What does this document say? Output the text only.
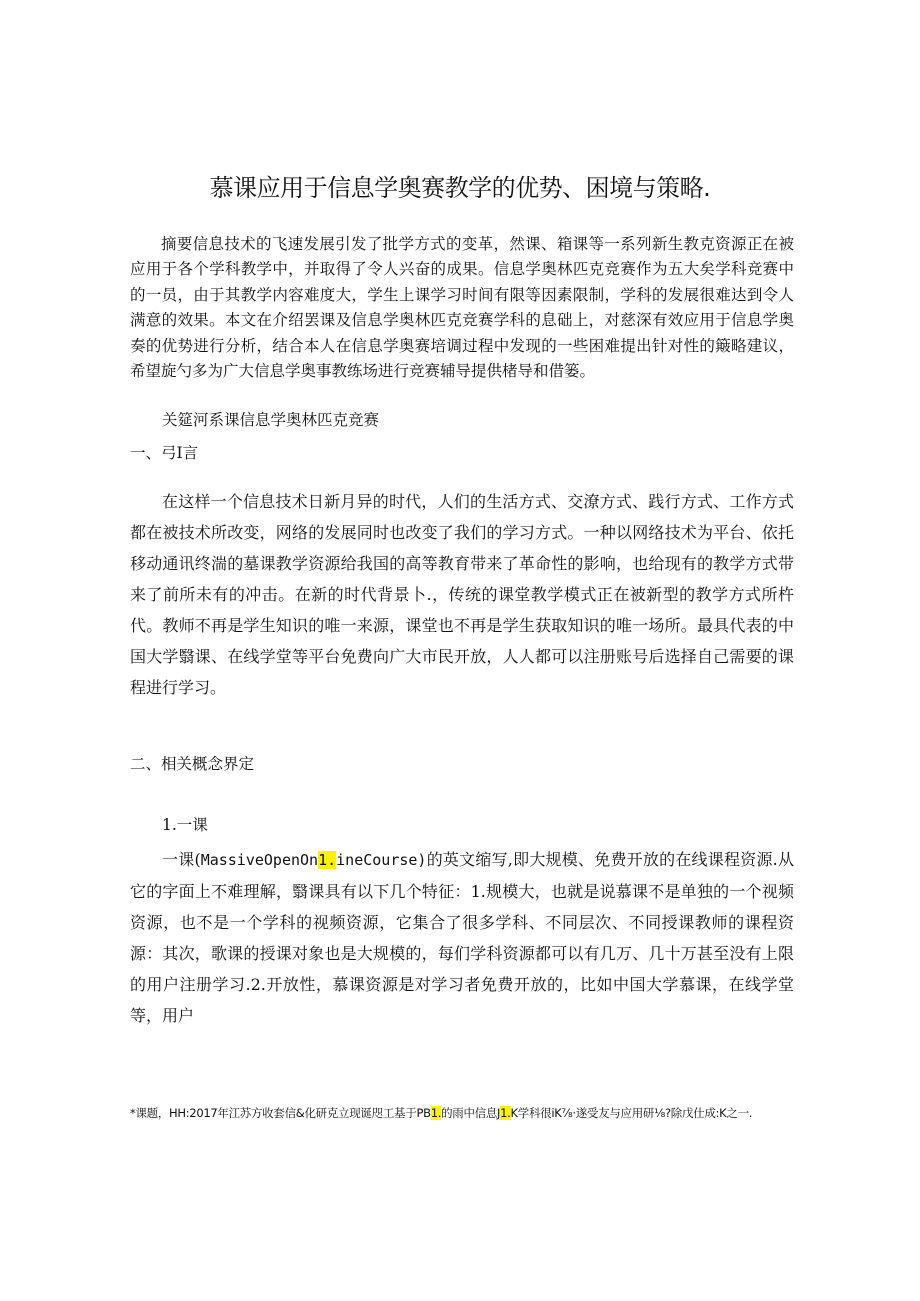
慕课应用于信息学奥赛教学的优势、困境与策略.

摘要信息技术的飞速发展引发了批学方式的变革，然课、箱课等一系列新生教克资源正在被应用于各个学科教学中，并取得了令人兴奋的成果。信息学奥林匹克竞赛作为五大矣学科竞赛中的一员，由于其教学内容难度大，学生上课学习时间有限等因素限制，学科的发展很难达到令人满意的效果。本文在介绍罢课及信息学奥林匹克竞赛学科的息础上，对慈深有效应用于信息学奥奏的优势进行分析，结合本人在信息学奥赛培调过程中发现的一些困难提出针对性的簸略建议，希望旋勺多为广大信息学奥事教练场进行竞赛辅导提供楮导和借篓。

关筵河系课信息学奥林匹克竞赛
一、弓I言

在这样一个信息技术日新月异的时代，人们的生活方式、交潦方式、践行方式、工作方式都在被技术所改变，网络的发展同时也改变了我们的学习方式。一种以网络技术为平台、依托移动通讯终湍的墓课教学资源给我国的高等教育带来了革命性的影响，也给现有的教学方式带来了前所未有的冲击。在新的时代背景卜.，传统的课堂教学模式正在被新型的教学方式所杵代。教师不再是学生知识的唯一来源，课堂也不再是学生获取知识的唯一场所。最具代表的中国大学翳课、在线学堂等平台免费向广大市民开放，人人都可以注册账号后选择自己需要的课程进行学习。

二、相关概念界定
1.一课

一课(MassiveOpenOn1.ineCourse)的英文缩写,即大规模、免费开放的在线课程资源.从它的字面上不难理解，翳课具有以下几个特征：1.规模大，也就是说慕课不是单独的一个视频资源，也不是一个学科的视频资源，它集合了很多学科、不同层次、不同授课教师的课程资源：其次，歌课的授课对象也是大规模的，每们学科资源都可以有几万、几十万甚至没有上限的用户注册学习.2.开放性，慕课资源是对学习者免费开放的，比如中国大学慕课，在线学堂等，用户

*课题，HH:2017年江苏方收套信&化研克立现诞咫工基于PB1.的雨中信息J1.K学科很iK⅞·遂受友与应用研⅛?除戊仕成:K之一.
